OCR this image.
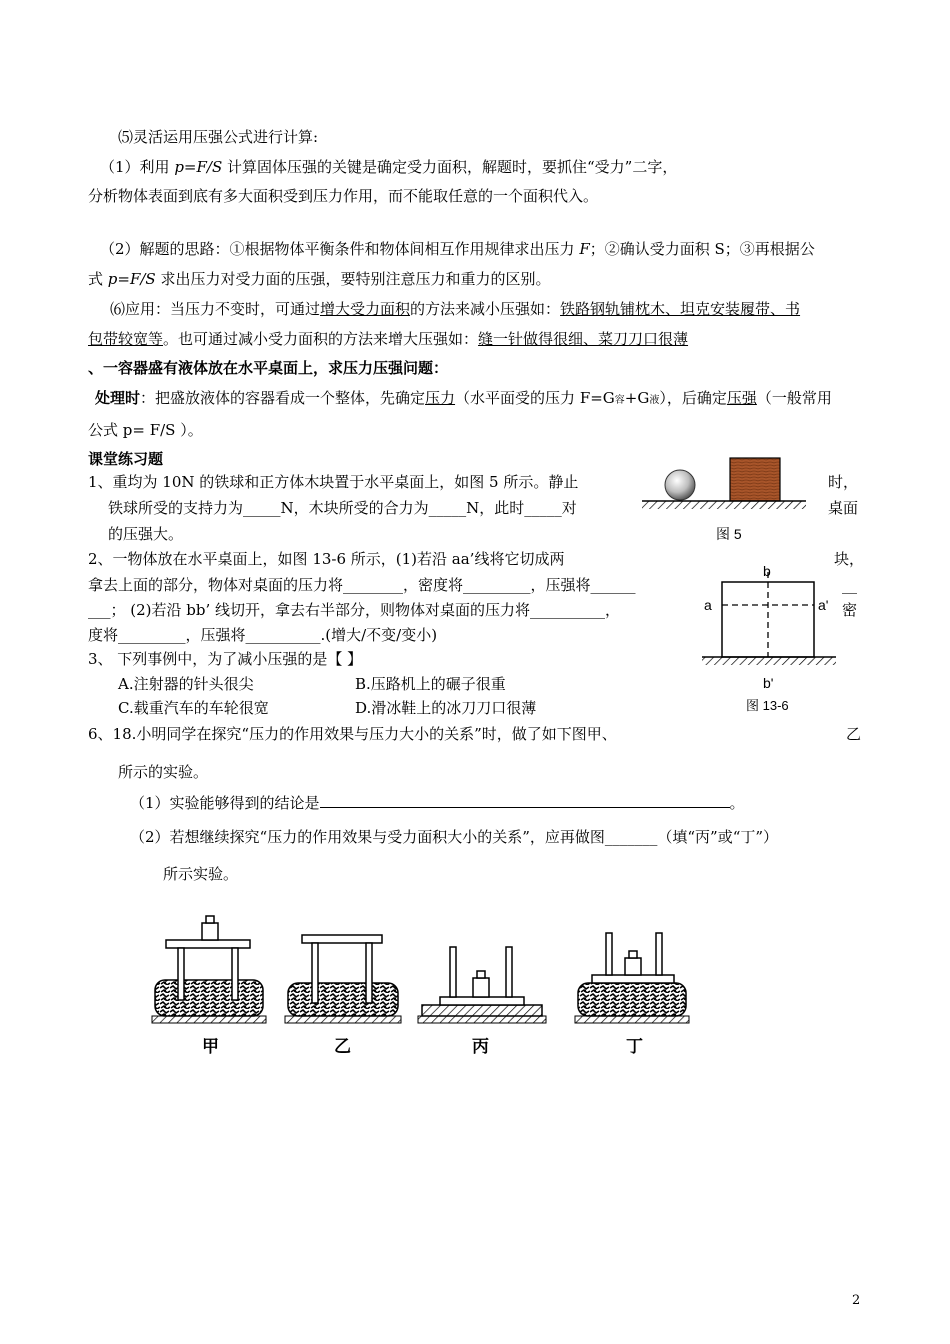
⑸灵活运用压强公式进行计算:
（1）利用 p=F/S 计算固体压强的关键是确定受力面积，解题时，要抓住“受力”二字，
分析物体表面到底有多大面积受到压力作用，而不能取任意的一个面积代入。
（2）解题的思路：①根据物体平衡条件和物体间相互作用规律求出压力 F；②确认受力面积 S；③再根据公
式 p=F/S 求出压力对受力面的压强，要特别注意压力和重力的区别。
⑹应用：当压力不变时，可通过增大受力面积的方法来减小压强如：铁路钢轨铺枕木、坦克安装履带、书
包带较宽等。也可通过减小受力面积的方法来增大压强如：缝一针做得很细、菜刀刀口很薄
、一容器盛有液体放在水平桌面上，求压力压强问题：
处理时：把盛放液体的容器看成一个整体，先确定压力（水平面受的压力 F=G容+G液），后确定压强（一般常用
公式 p= F/S ）。
课堂练习题
1、重均为 10N 的铁球和正方体木块置于水平桌面上，如图 5 所示。静止	时，
铁球所受的支持力为_____N，木块所受的合力为_____N，此时_____对	桌面
的压强大。	图 5
2、一物体放在水平桌面上，如图 13-6 所示，(1)若沿 aa’线将它切成两	块，
拿去上面的部分，物体对桌面的压力将________，密度将_________，压强将______	__
___； (2)若沿 bb’ 线切开，拿去右半部分，则物体对桌面的压力将__________，	密
度将_________，压强将__________.(增大/不变/变小)
a	a'
b
b'
图 13-6
3、 下列事例中，为了减小压强的是【 】
A.注射器的针头很尖	B.压路机上的碾子很重
C.载重汽车的车轮很宽	D.滑冰鞋上的冰刀刀口很薄
6、18.小明同学在探究“压力的作用效果与压力大小的关系”时，做了如下图甲、	乙
所示的实验。
（1）实验能够得到的结论是	。
（2）若想继续探究“压力的作用效果与受力面积大小的关系”，应再做图_______（填“丙”或“丁”）
所示实验。
甲	乙	丙	丁
2
